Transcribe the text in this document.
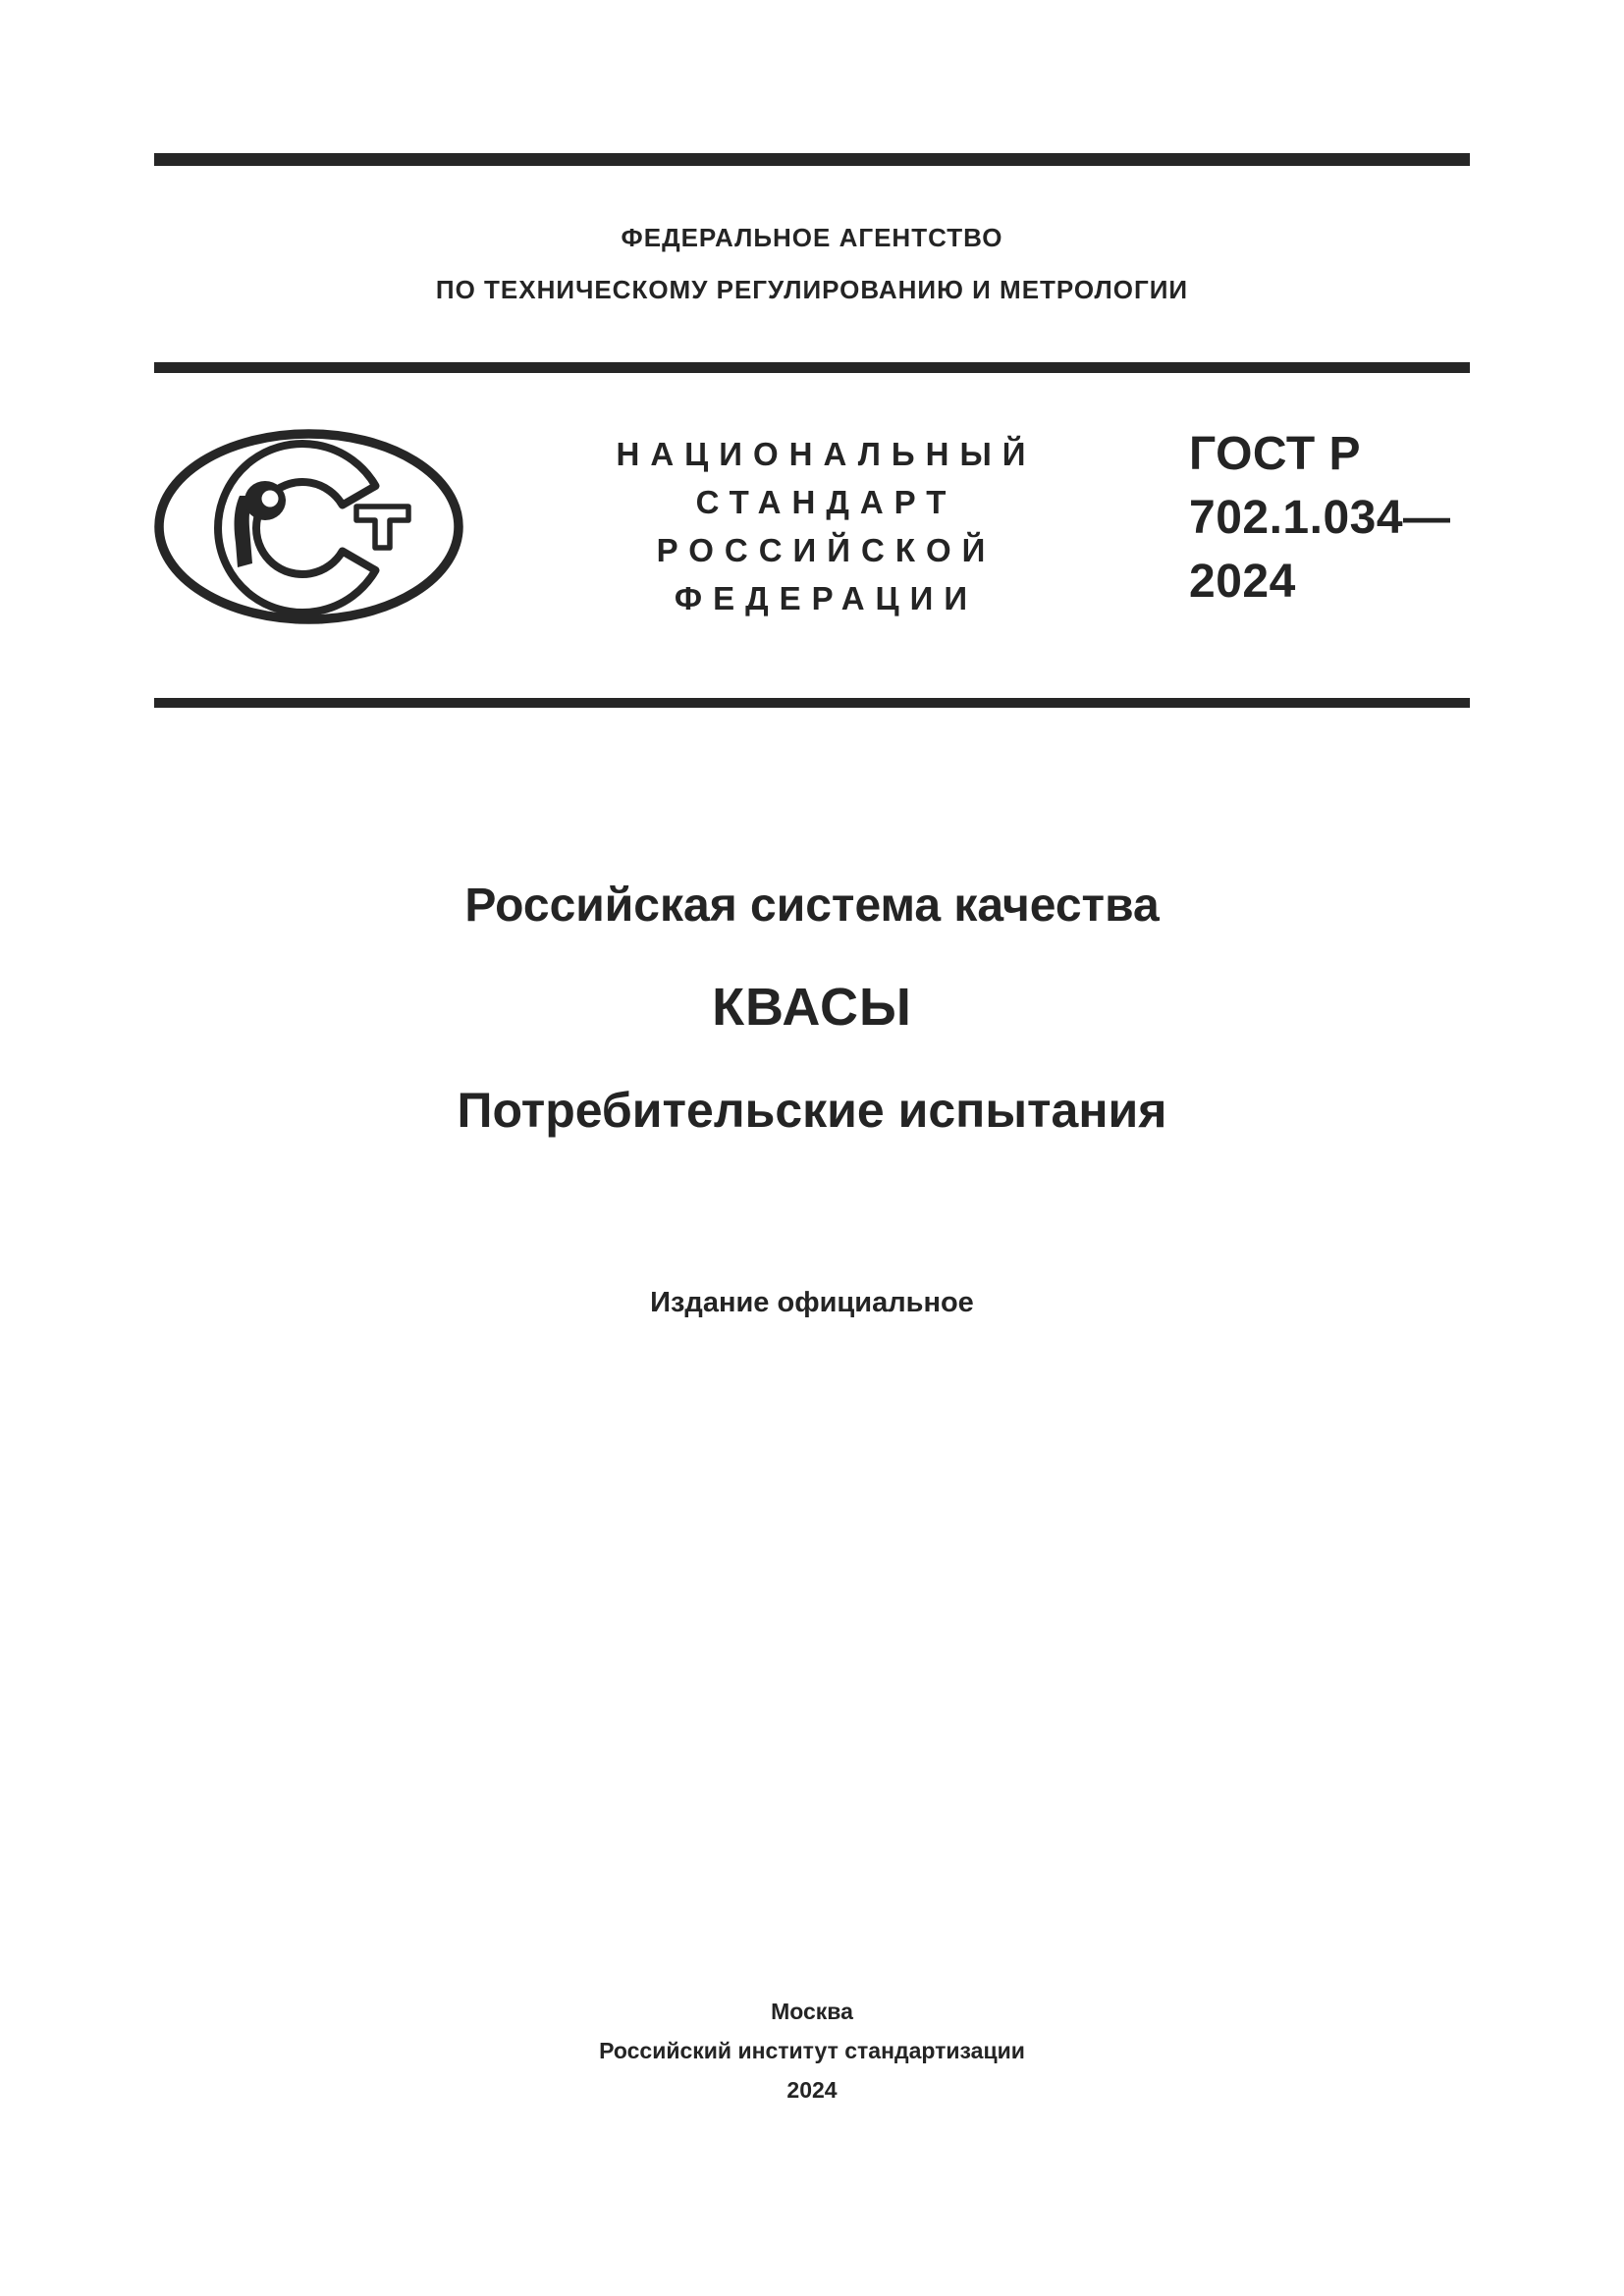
ФЕДЕРАЛЬНОЕ АГЕНТСТВО
ПО ТЕХНИЧЕСКОМУ РЕГУЛИРОВАНИЮ И МЕТРОЛОГИИ
НАЦИОНАЛЬНЫЙ
СТАНДАРТ
РОССИЙСКОЙ
ФЕДЕРАЦИИ
ГОСТ Р
702.1.034—
2024
Российская система качества
КВАСЫ
Потребительские испытания
Издание официальное
Москва
Российский институт стандартизации
2024
